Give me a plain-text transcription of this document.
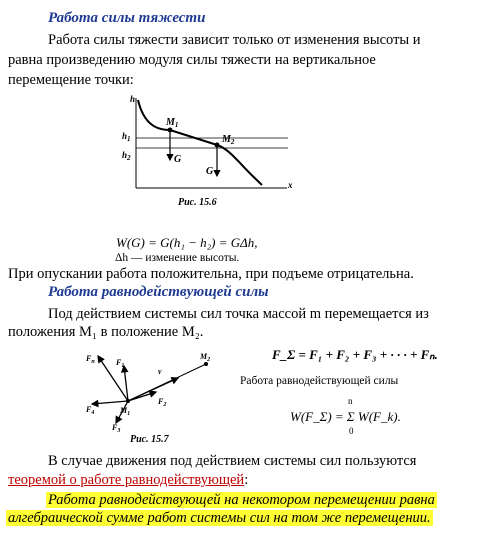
Работа силы тяжести
Работа силы тяжести зависит только от изменения высоты и
равна произведению модуля силы тяжести на вертикальное
перемещение точки:
h
$h_1$
$h_2$
x
$M_1$
$M_2$
G
G
Рис. 15.6
W(G) = G(h₁ − h₂) = GΔh,
Δh — изменение высоты.
При опускании работа положительна, при подъеме отрицательна.
Работа равнодействующей силы
Под действием системы сил точка массой m перемещается из
положения M₁ в положение M₂.
$F_n$	$F_1$
$F_2$
$F_3$
$F_4$	$M_1$
$M_2$
v
Рис. 15.7
F_Σ = F₁ + F₂ + F₃ + · · · + Fₙ.
Работа равнодействующей силы
n
0
W(F_Σ) = Σ W(F_k).
В случае движения под действием системы сил пользуются
теоремой о работе равнодействующей:
Работа равнодействующей на некотором перемещении равна
алгебраической сумме работ системы сил на том же перемещении.
